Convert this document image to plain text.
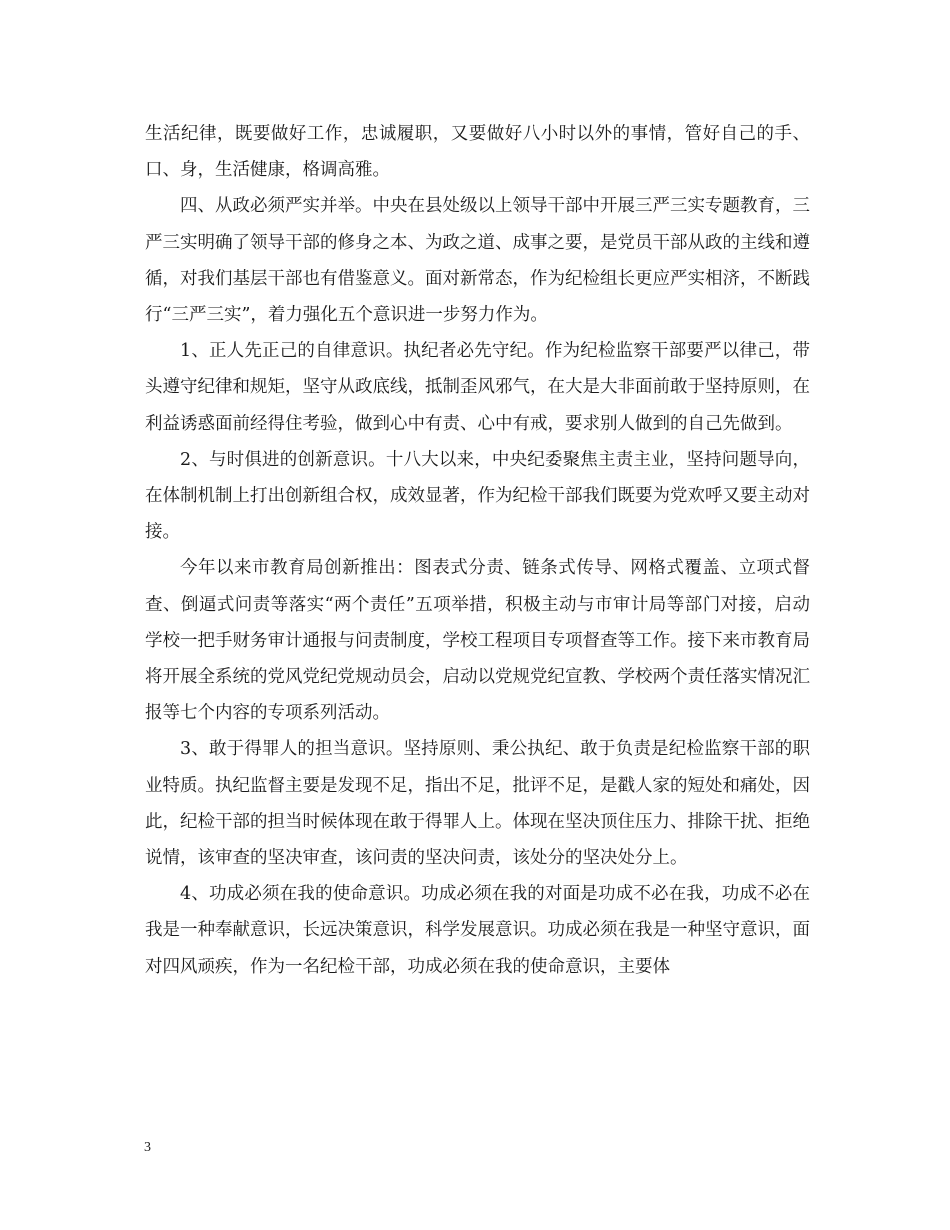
生活纪律，既要做好工作，忠诚履职，又要做好八小时以外的事情，管好自己的手、口、身，生活健康，格调高雅。

四、从政必须严实并举。中央在县处级以上领导干部中开展三严三实专题教育，三严三实明确了领导干部的修身之本、为政之道、成事之要，是党员干部从政的主线和遵循，对我们基层干部也有借鉴意义。面对新常态，作为纪检组长更应严实相济，不断践行“三严三实”，着力强化五个意识进一步努力作为。

1、正人先正己的自律意识。执纪者必先守纪。作为纪检监察干部要严以律己，带头遵守纪律和规矩，坚守从政底线，抵制歪风邪气，在大是大非面前敢于坚持原则，在利益诱惑面前经得住考验，做到心中有责、心中有戒，要求别人做到的自己先做到。

2、与时俱进的创新意识。十八大以来，中央纪委聚焦主责主业，坚持问题导向，在体制机制上打出创新组合权，成效显著，作为纪检干部我们既要为党欢呼又要主动对接。

今年以来市教育局创新推出：图表式分责、链条式传导、网格式覆盖、立项式督查、倒逼式问责等落实“两个责任”五项举措，积极主动与市审计局等部门对接，启动学校一把手财务审计通报与问责制度，学校工程项目专项督查等工作。接下来市教育局将开展全系统的党风党纪党规动员会，启动以党规党纪宣教、学校两个责任落实情况汇报等七个内容的专项系列活动。

3、敢于得罪人的担当意识。坚持原则、秉公执纪、敢于负责是纪检监察干部的职业特质。执纪监督主要是发现不足，指出不足，批评不足，是戳人家的短处和痛处，因此，纪检干部的担当时候体现在敢于得罪人上。体现在坚决顶住压力、排除干扰、拒绝说情，该审查的坚决审查，该问责的坚决问责，该处分的坚决处分上。

4、功成必须在我的使命意识。功成必须在我的对面是功成不必在我，功成不必在我是一种奉献意识，长远决策意识，科学发展意识。功成必须在我是一种坚守意识，面对四风顽疾，作为一名纪检干部，功成必须在我的使命意识，主要体

3
